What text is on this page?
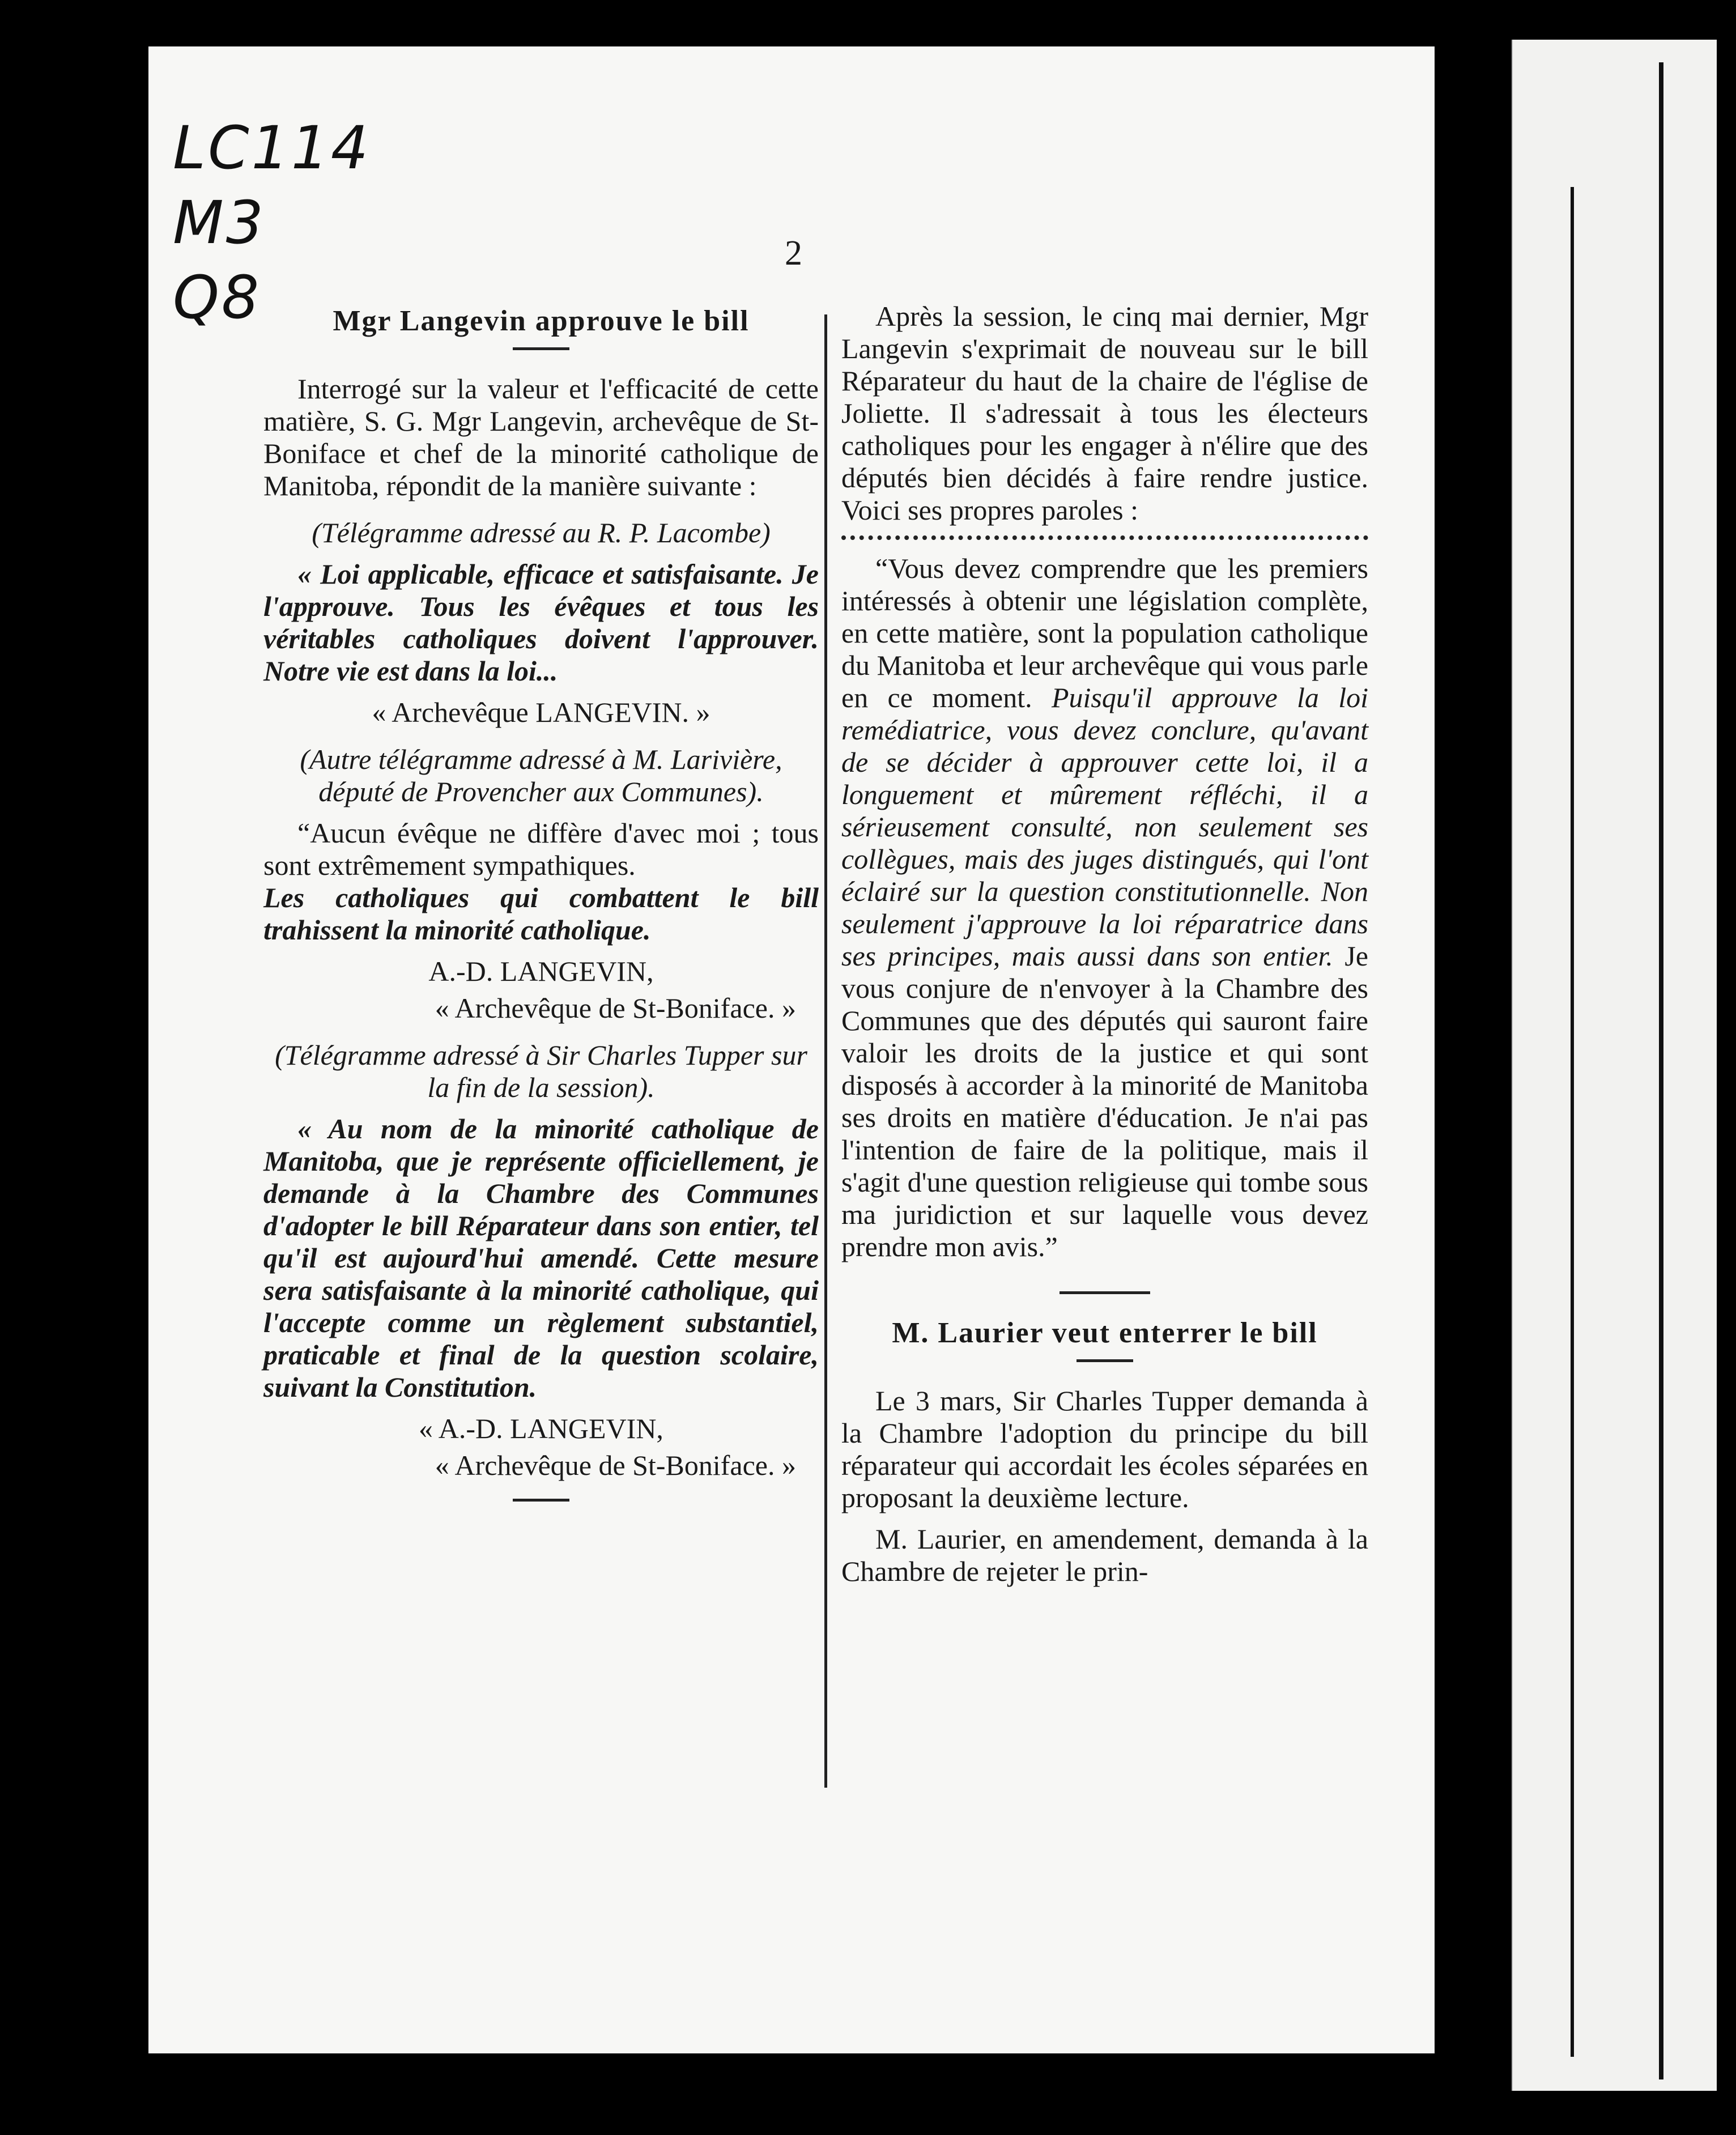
LC114
M3
Q8
2
Mgr Langevin approuve le bill

Interrogé sur la valeur et l'efficacité de cette matière, S. G. Mgr Langevin, archevêque de St-Boniface et chef de la minorité catholique de Manitoba, répondit de la manière suivante :

(Télégramme adressé au R. P. Lacombe)

« Loi applicable, efficace et satisfaisante. Je l'approuve. Tous les évêques et tous les véritables catholiques doivent l'approuver. Notre vie est dans la loi...

« Archevêque LANGEVIN. »

(Autre télégramme adressé à M. Larivière, député de Provencher aux Communes).

“Aucun évêque ne diffère d'avec moi ; tous sont extrêmement sympathiques.

Les catholiques qui combattent le bill trahissent la minorité catholique.

A.-D. LANGEVIN,

« Archevêque de St-Boniface. »

(Télégramme adressé à Sir Charles Tupper sur la fin de la session).

« Au nom de la minorité catholique de Manitoba, que je représente officiellement, je demande à la Chambre des Communes d'adopter le bill Réparateur dans son entier, tel qu'il est aujourd'hui amendé. Cette mesure sera satisfaisante à la minorité catholique, qui l'accepte comme un règlement substantiel, praticable et final de la question scolaire, suivant la Constitution.

« A.-D. LANGEVIN,

« Archevêque de St-Boniface. »

Après la session, le cinq mai dernier, Mgr Langevin s'exprimait de nouveau sur le bill Réparateur du haut de la chaire de l'église de Joliette. Il s'adressait à tous les électeurs catholiques pour les engager à n'élire que des députés bien décidés à faire rendre justice. Voici ses propres paroles :

“Vous devez comprendre que les premiers intéressés à obtenir une législation complète, en cette matière, sont la population catholique du Manitoba et leur archevêque qui vous parle en ce moment. Puisqu'il approuve la loi remédiatrice, vous devez conclure, qu'avant de se décider à approuver cette loi, il a longuement et mûrement réfléchi, il a sérieusement consulté, non seulement ses collègues, mais des juges distingués, qui l'ont éclairé sur la question constitutionnelle. Non seulement j'approuve la loi réparatrice dans ses principes, mais aussi dans son entier. Je vous conjure de n'envoyer à la Chambre des Communes que des députés qui sauront faire valoir les droits de la justice et qui sont disposés à accorder à la minorité de Manitoba ses droits en matière d'éducation. Je n'ai pas l'intention de faire de la politique, mais il s'agit d'une question religieuse qui tombe sous ma juridiction et sur laquelle vous devez prendre mon avis.”

M. Laurier veut enterrer le bill

Le 3 mars, Sir Charles Tupper demanda à la Chambre l'adoption du principe du bill réparateur qui accordait les écoles séparées en proposant la deuxième lecture.

M. Laurier, en amendement, demanda à la Chambre de rejeter le prin-
